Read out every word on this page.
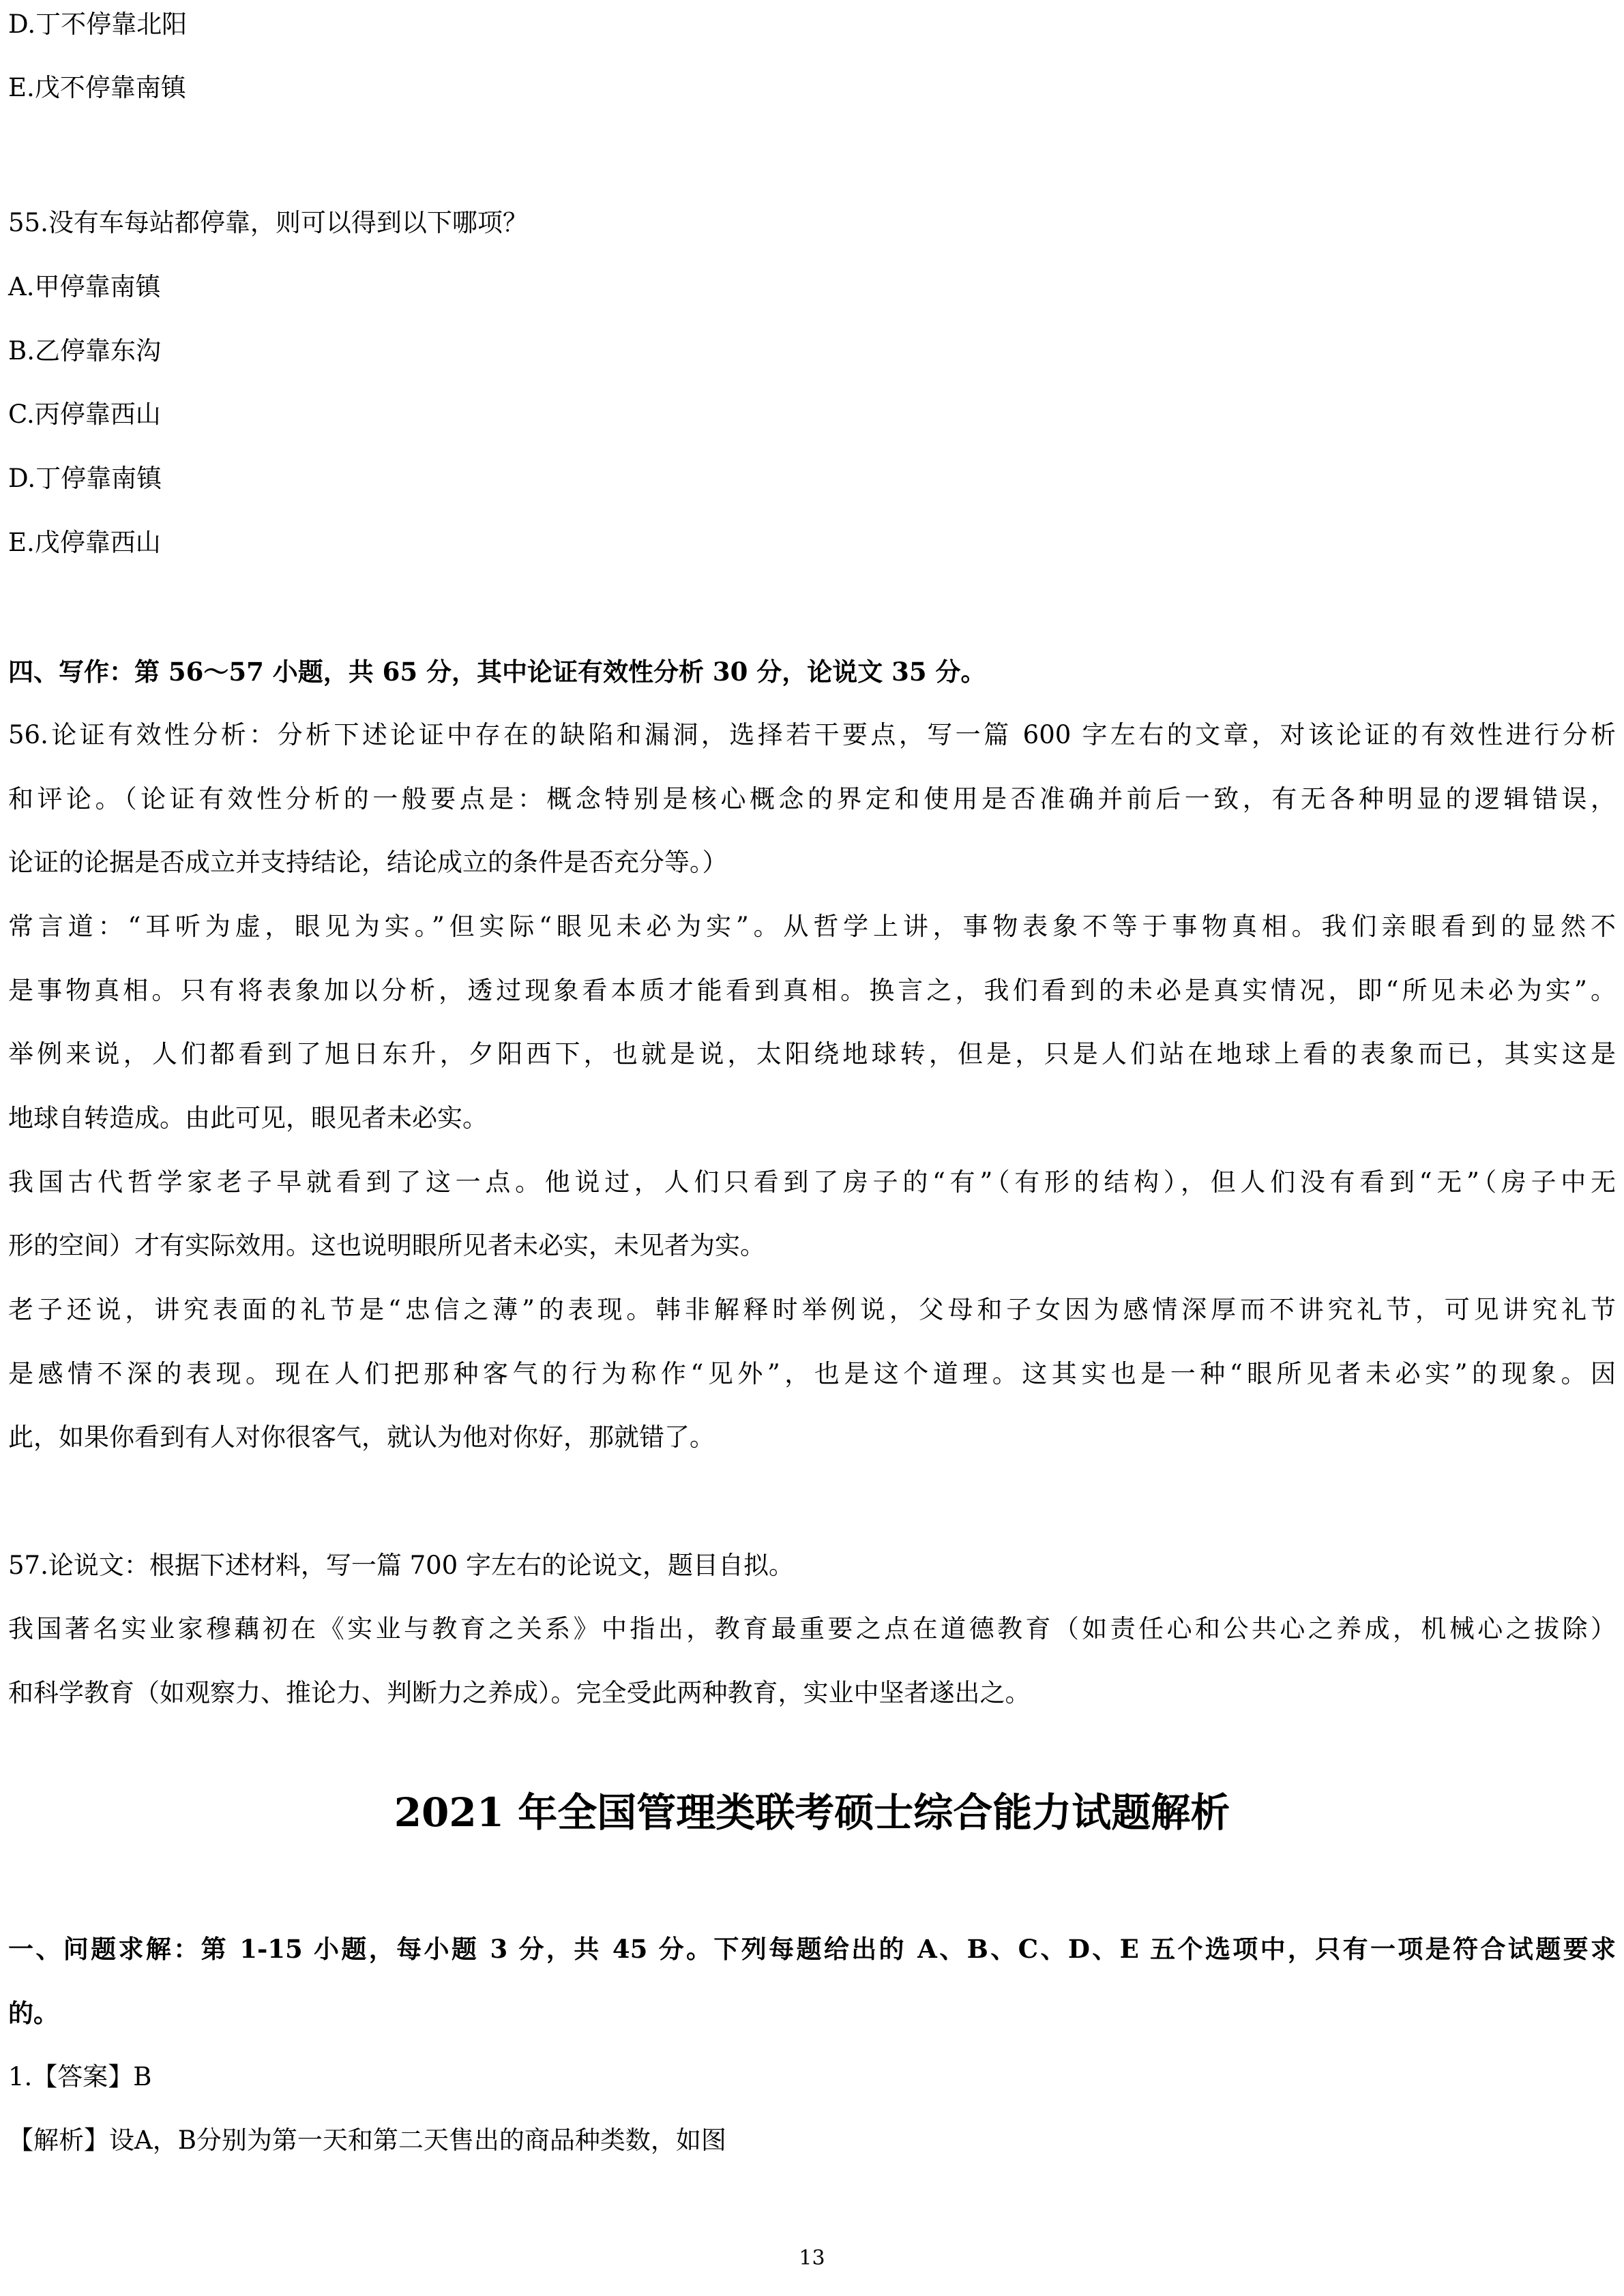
D.丁不停靠北阳
E.戊不停靠南镇
55.没有车每站都停靠，则可以得到以下哪项？
A.甲停靠南镇
B.乙停靠东沟
C.丙停靠西山
D.丁停靠南镇
E.戊停靠西山
四、写作：第 56～57 小题，共 65 分，其中论证有效性分析 30 分，论说文 35 分。
56.论证有效性分析：分析下述论证中存在的缺陷和漏洞，选择若干要点，写一篇 600 字左右的文章，对该论证的有效性进行分析
和评论。（论证有效性分析的一般要点是：概念特别是核心概念的界定和使用是否准确并前后一致，有无各种明显的逻辑错误，
论证的论据是否成立并支持结论，结论成立的条件是否充分等。）
常言道：“耳听为虚，眼见为实。”但实际“眼见未必为实”。从哲学上讲，事物表象不等于事物真相。我们亲眼看到的显然不
是事物真相。只有将表象加以分析，透过现象看本质才能看到真相。换言之，我们看到的未必是真实情况，即“所见未必为实”。
举例来说，人们都看到了旭日东升，夕阳西下，也就是说，太阳绕地球转，但是，只是人们站在地球上看的表象而已，其实这是
地球自转造成。由此可见，眼见者未必实。
我国古代哲学家老子早就看到了这一点。他说过，人们只看到了房子的“有”（有形的结构），但人们没有看到“无”（房子中无
形的空间）才有实际效用。这也说明眼所见者未必实，未见者为实。
老子还说，讲究表面的礼节是“忠信之薄”的表现。韩非解释时举例说，父母和子女因为感情深厚而不讲究礼节，可见讲究礼节
是感情不深的表现。现在人们把那种客气的行为称作“见外”，也是这个道理。这其实也是一种“眼所见者未必实”的现象。因
此，如果你看到有人对你很客气，就认为他对你好，那就错了。
57.论说文：根据下述材料，写一篇 700 字左右的论说文，题目自拟。
我国著名实业家穆藕初在《实业与教育之关系》中指出，教育最重要之点在道德教育（如责任心和公共心之养成，机械心之拔除）
和科学教育（如观察力、推论力、判断力之养成）。完全受此两种教育，实业中坚者遂出之。
2021 年全国管理类联考硕士综合能力试题解析
一、问题求解：第 1-15 小题，每小题 3 分，共 45 分。下列每题给出的 A、B、C、D、E 五个选项中，只有一项是符合试题要求
的。
1.【答案】B
【解析】设A，B分别为第一天和第二天售出的商品种类数，如图
13
